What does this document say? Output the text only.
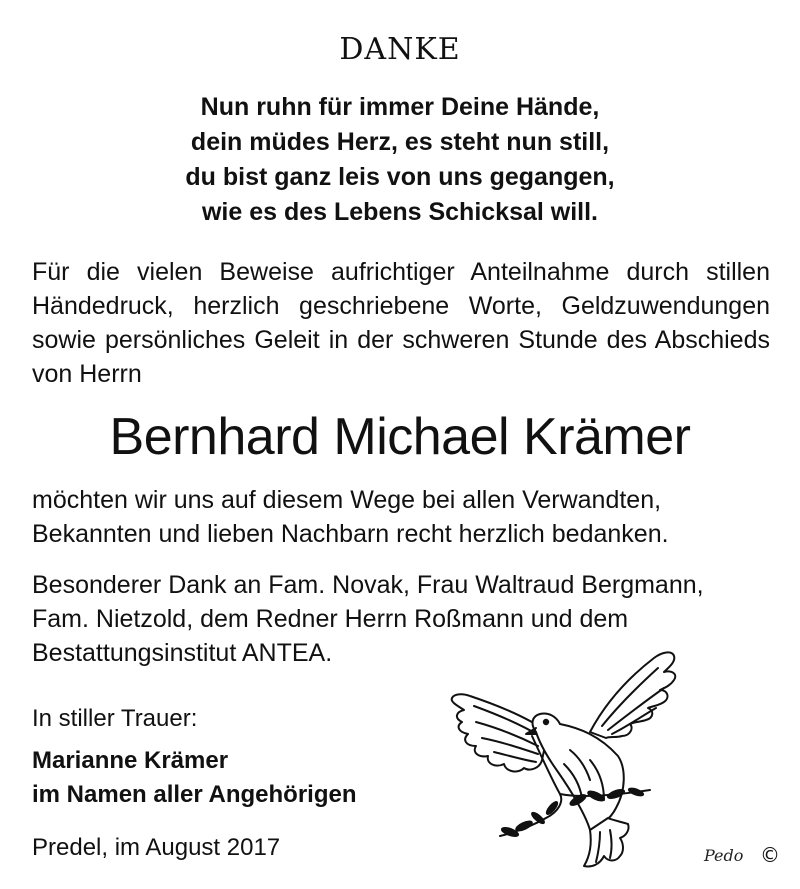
DANKE
Nun ruhn für immer Deine Hände,
dein müdes Herz, es steht nun still,
du bist ganz leis von uns gegangen,
wie es des Lebens Schicksal will.
Für die vielen Beweise aufrichtiger Anteilnahme durch stillen
Händedruck, herzlich geschriebene Worte, Geldzuwendungen
sowie persönliches Geleit in der schweren Stunde des Abschieds
von Herrn
Bernhard Michael Krämer
möchten wir uns auf diesem Wege bei allen Verwandten,
Bekannten und lieben Nachbarn recht herzlich bedanken.
Besonderer Dank an Fam. Novak, Frau Waltraud Bergmann,
Fam. Nietzold, dem Redner Herrn Roßmann und dem
Bestattungsinstitut ANTEA.
In stiller Trauer:
Marianne Krämer
im Namen aller Angehörigen
Predel, im August 2017	Pedo ©
